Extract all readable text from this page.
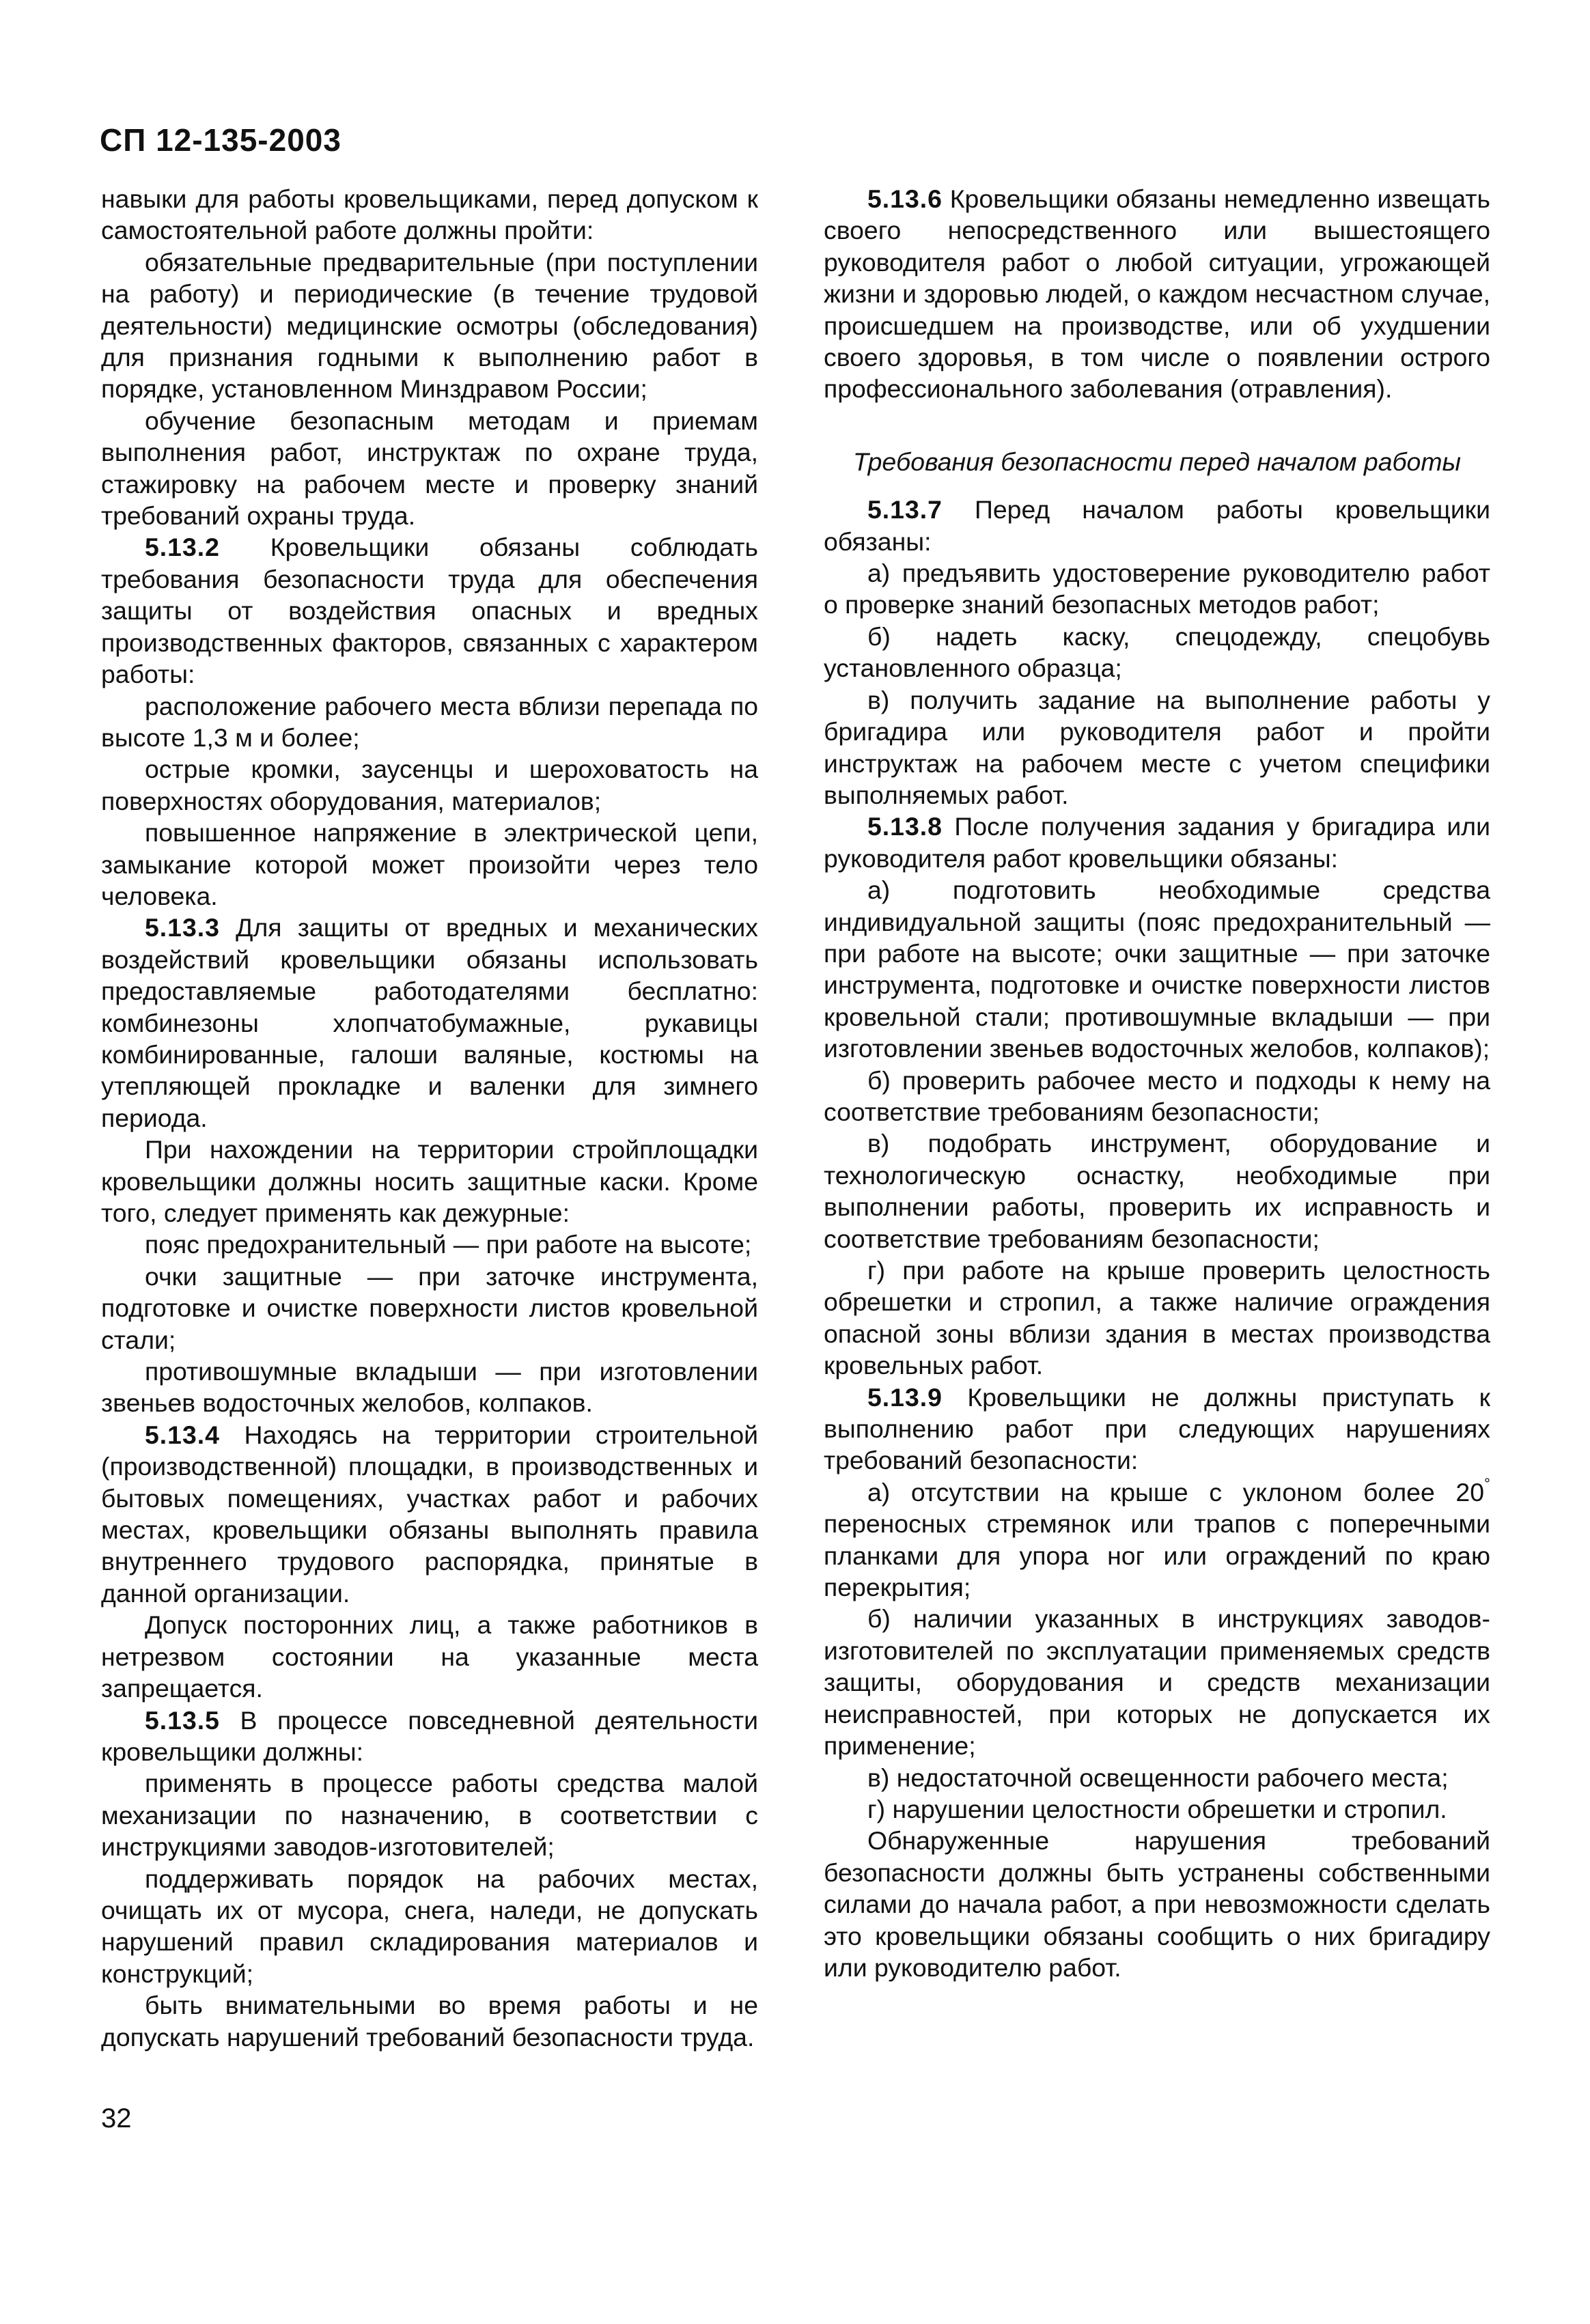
СП 12-135-2003

навыки для работы кровельщиками, перед допуском к самостоятельной работе должны пройти:

обязательные предварительные (при поступлении на работу) и периодические (в течение трудовой деятельности) медицинские осмотры (обследования) для признания годными к выполнению работ в порядке, установленном Минздравом России;

обучение безопасным методам и приемам выполнения работ, инструктаж по охране труда, стажировку на рабочем месте и проверку знаний требований охраны труда.

5.13.2 Кровельщики обязаны соблюдать требования безопасности труда для обеспечения защиты от воздействия опасных и вредных производственных факторов, связанных с характером работы:

расположение рабочего места вблизи перепада по высоте 1,3 м и более;

острые кромки, заусенцы и шероховатость на поверхностях оборудования, материалов;

повышенное напряжение в электрической цепи, замыкание которой может произойти через тело человека.

5.13.3 Для защиты от вредных и механических воздействий кровельщики обязаны использовать предоставляемые работодателями бесплатно: комбинезоны хлопчатобумажные, рукавицы комбинированные, галоши валяные, костюмы на утепляющей прокладке и валенки для зимнего периода.

При нахождении на территории стройплощадки кровельщики должны носить защитные каски. Кроме того, следует применять как дежурные:

пояс предохранительный — при работе на высоте;

очки защитные — при заточке инструмента, подготовке и очистке поверхности листов кровельной стали;

противошумные вкладыши — при изготовлении звеньев водосточных желобов, колпаков.

5.13.4 Находясь на территории строительной (производственной) площадки, в производственных и бытовых помещениях, участках работ и рабочих местах, кровельщики обязаны выполнять правила внутреннего трудового распорядка, принятые в данной организации.

Допуск посторонних лиц, а также работников в нетрезвом состоянии на указанные места запрещается.

5.13.5 В процессе повседневной деятельности кровельщики должны:

применять в процессе работы средства малой механизации по назначению, в соответствии с инструкциями заводов-изготовителей;

поддерживать порядок на рабочих местах, очищать их от мусора, снега, наледи, не допускать нарушений правил складирования материалов и конструкций;

быть внимательными во время работы и не допускать нарушений требований безопасности труда.

5.13.6 Кровельщики обязаны немедленно извещать своего непосредственного или вышестоящего руководителя работ о любой ситуации, угрожающей жизни и здоровью людей, о каждом несчастном случае, происшедшем на производстве, или об ухудшении своего здоровья, в том числе о появлении острого профессионального заболевания (отравления).

Требования безопасности перед началом работы

5.13.7 Перед началом работы кровельщики обязаны:

а) предъявить удостоверение руководителю работ о проверке знаний безопасных методов работ;

б) надеть каску, спецодежду, спецобувь установленного образца;

в) получить задание на выполнение работы у бригадира или руководителя работ и пройти инструктаж на рабочем месте с учетом специфики выполняемых работ.

5.13.8 После получения задания у бригадира или руководителя работ кровельщики обязаны:

а) подготовить необходимые средства индивидуальной защиты (пояс предохранительный — при работе на высоте; очки защитные — при заточке инструмента, подготовке и очистке поверхности листов кровельной стали; противошумные вкладыши — при изготовлении звеньев водосточных желобов, колпаков);

б) проверить рабочее место и подходы к нему на соответствие требованиям безопасности;

в) подобрать инструмент, оборудование и технологическую оснастку, необходимые при выполнении работы, проверить их исправность и соответствие требованиям безопасности;

г) при работе на крыше проверить целостность обрешетки и стропил, а также наличие ограждения опасной зоны вблизи здания в местах производства кровельных работ.

5.13.9 Кровельщики не должны приступать к выполнению работ при следующих нарушениях требований безопасности:

а) отсутствии на крыше с уклоном более 20° переносных стремянок или трапов с поперечными планками для упора ног или ограждений по краю перекрытия;

б) наличии указанных в инструкциях заводов-изготовителей по эксплуатации применяемых средств защиты, оборудования и средств механизации неисправностей, при которых не допускается их применение;

в) недостаточной освещенности рабочего места;

г) нарушении целостности обрешетки и стропил.

Обнаруженные нарушения требований безопасности должны быть устранены собственными силами до начала работ, а при невозможности сделать это кровельщики обязаны сообщить о них бригадиру или руководителю работ.

32
